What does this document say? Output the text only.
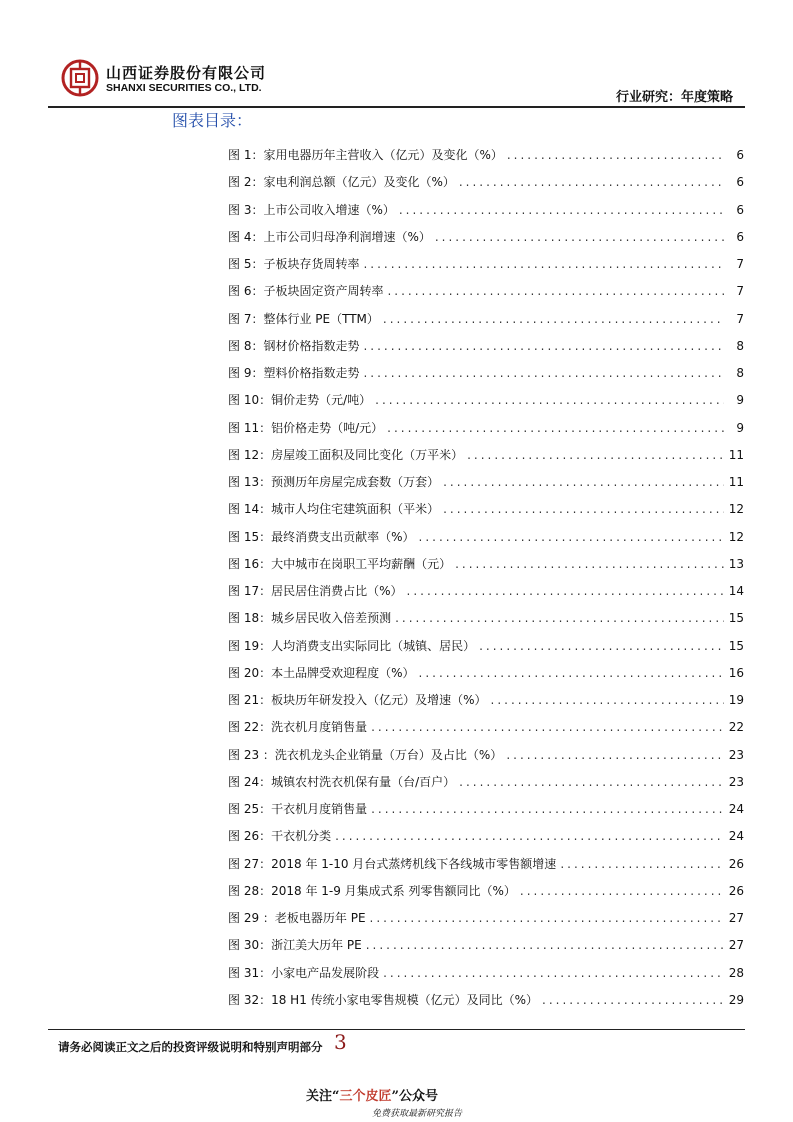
山西证券股份有限公司
SHANXI SECURITIES CO., LTD.
行业研究：年度策略
图表目录：
图 1：家用电器历年主营收入（亿元）及变化（%） .....	6
图 2：家电利润总额（亿元）及变化（%） .....	6
图 3：上市公司收入增速（%） .....	6
图 4：上市公司归母净利润增速（%） .....	6
图 5：子板块存货周转率 .....	7
图 6：子板块固定资产周转率 .....	7
图 7：整体行业 PE（TTM） .....	7
图 8：钢材价格指数走势 .....	8
图 9：塑料价格指数走势 .....	8
图 10：铜价走势（元/吨） .....	9
图 11：铝价格走势（吨/元） .....	9
图 12：房屋竣工面积及同比变化（万平米） .....	11
图 13：预测历年房屋完成套数（万套） .....	11
图 14：城市人均住宅建筑面积（平米） .....	12
图 15：最终消费支出贡献率（%） .....	12
图 16：大中城市在岗职工平均薪酬（元） .....	13
图 17：居民居住消费占比（%） .....	14
图 18：城乡居民收入倍差预测 .....	15
图 19：人均消费支出实际同比（城镇、居民） .....	15
图 20：本土品牌受欢迎程度（%） .....	16
图 21：板块历年研发投入（亿元）及增速（%） .....	19
图 22：洗衣机月度销售量 .....	22
图 23 ：洗衣机龙头企业销量（万台）及占比（%） .....	23
图 24：城镇农村洗衣机保有量（台/百户） .....	23
图 25：干衣机月度销售量 .....	24
图 26：干衣机分类 .....	24
图 27：2018 年 1-10 月台式蒸烤机线下各线城市零售额增速 .....	26
图 28：2018 年 1-9 月集成式系 列零售额同比（%） .....	26
图 29 ：老板电器历年 PE .....	27
图 30：浙江美大历年 PE .....	27
图 31：小家电产品发展阶段 .....	28
图 32：18 H1 传统小家电零售规模（亿元）及同比（%） .....	29
请务必阅读正文之后的投资评级说明和特别声明部分 3
关注“三个皮匠”公众号
免费获取最新研究报告
